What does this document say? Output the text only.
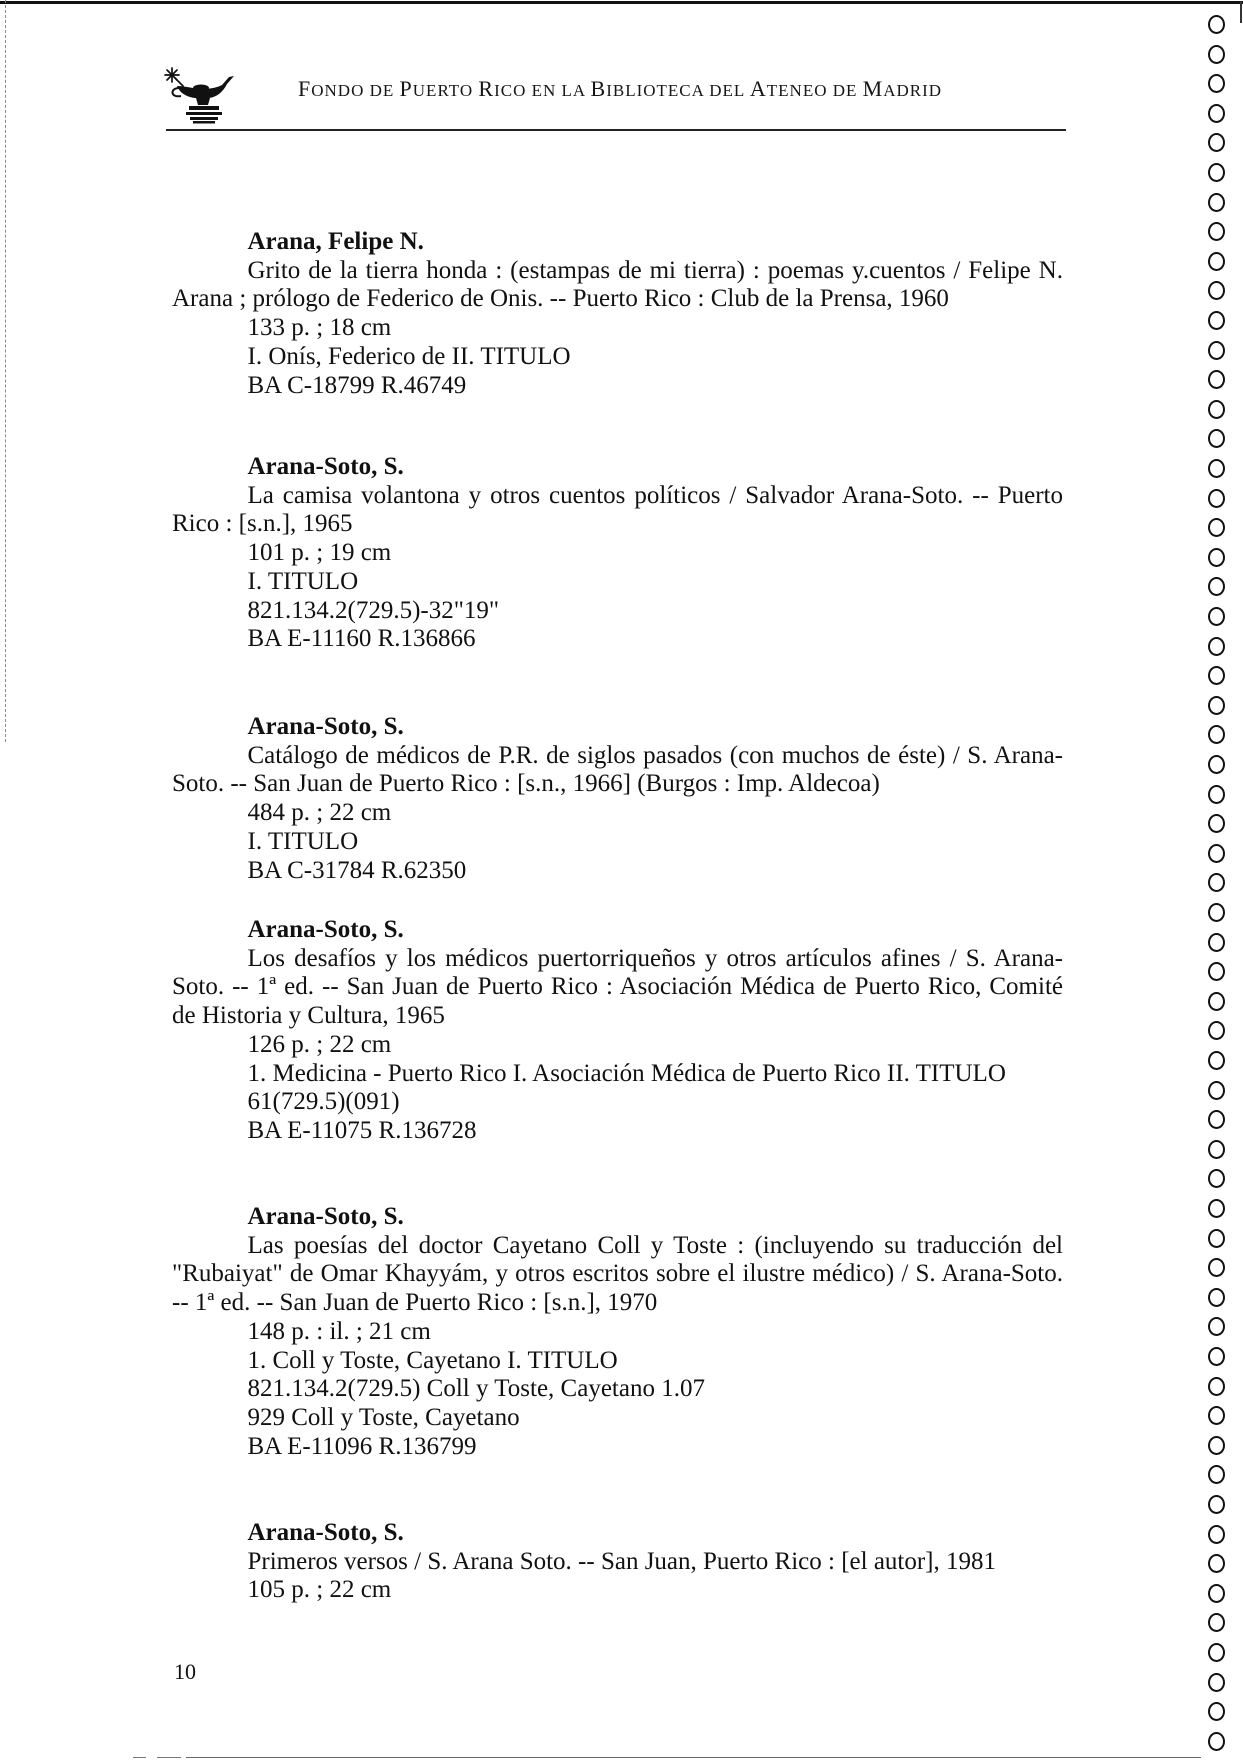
FONDO DE PUERTO RICO EN LA BIBLIOTECA DEL ATENEO DE MADRID
Arana, Felipe N.
Grito de la tierra honda : (estampas de mi tierra) : poemas y.cuentos / Felipe N.
Arana ; prólogo de Federico de Onis. -- Puerto Rico : Club de la Prensa, 1960
133 p. ; 18 cm
I. Onís, Federico de II. TITULO
BA C-18799 R.46749
Arana-Soto, S.
La camisa volantona y otros cuentos políticos / Salvador Arana-Soto. -- Puerto
Rico : [s.n.], 1965
101 p. ; 19 cm
I. TITULO
821.134.2(729.5)-32"19"
BA E-11160 R.136866
Arana-Soto, S.
Catálogo de médicos de P.R. de siglos pasados (con muchos de éste) / S. Arana-
Soto. -- San Juan de Puerto Rico : [s.n., 1966] (Burgos : Imp. Aldecoa)
484 p. ; 22 cm
I. TITULO
BA C-31784 R.62350
Arana-Soto, S.
Los desafíos y los médicos puertorriqueños y otros artículos afines / S. Arana-
Soto. -- 1ª ed. -- San Juan de Puerto Rico : Asociación Médica de Puerto Rico, Comité
de Historia y Cultura, 1965
126 p. ; 22 cm
1. Medicina - Puerto Rico I. Asociación Médica de Puerto Rico II. TITULO
61(729.5)(091)
BA E-11075 R.136728
Arana-Soto, S.
Las poesías del doctor Cayetano Coll y Toste : (incluyendo su traducción del
"Rubaiyat" de Omar Khayyám, y otros escritos sobre el ilustre médico) / S. Arana-Soto.
-- 1ª ed. -- San Juan de Puerto Rico : [s.n.], 1970
148 p. : il. ; 21 cm
1. Coll y Toste, Cayetano I. TITULO
821.134.2(729.5) Coll y Toste, Cayetano 1.07
929 Coll y Toste, Cayetano
BA E-11096 R.136799
Arana-Soto, S.
Primeros versos / S. Arana Soto. -- San Juan, Puerto Rico : [el autor], 1981
105 p. ; 22 cm
10
